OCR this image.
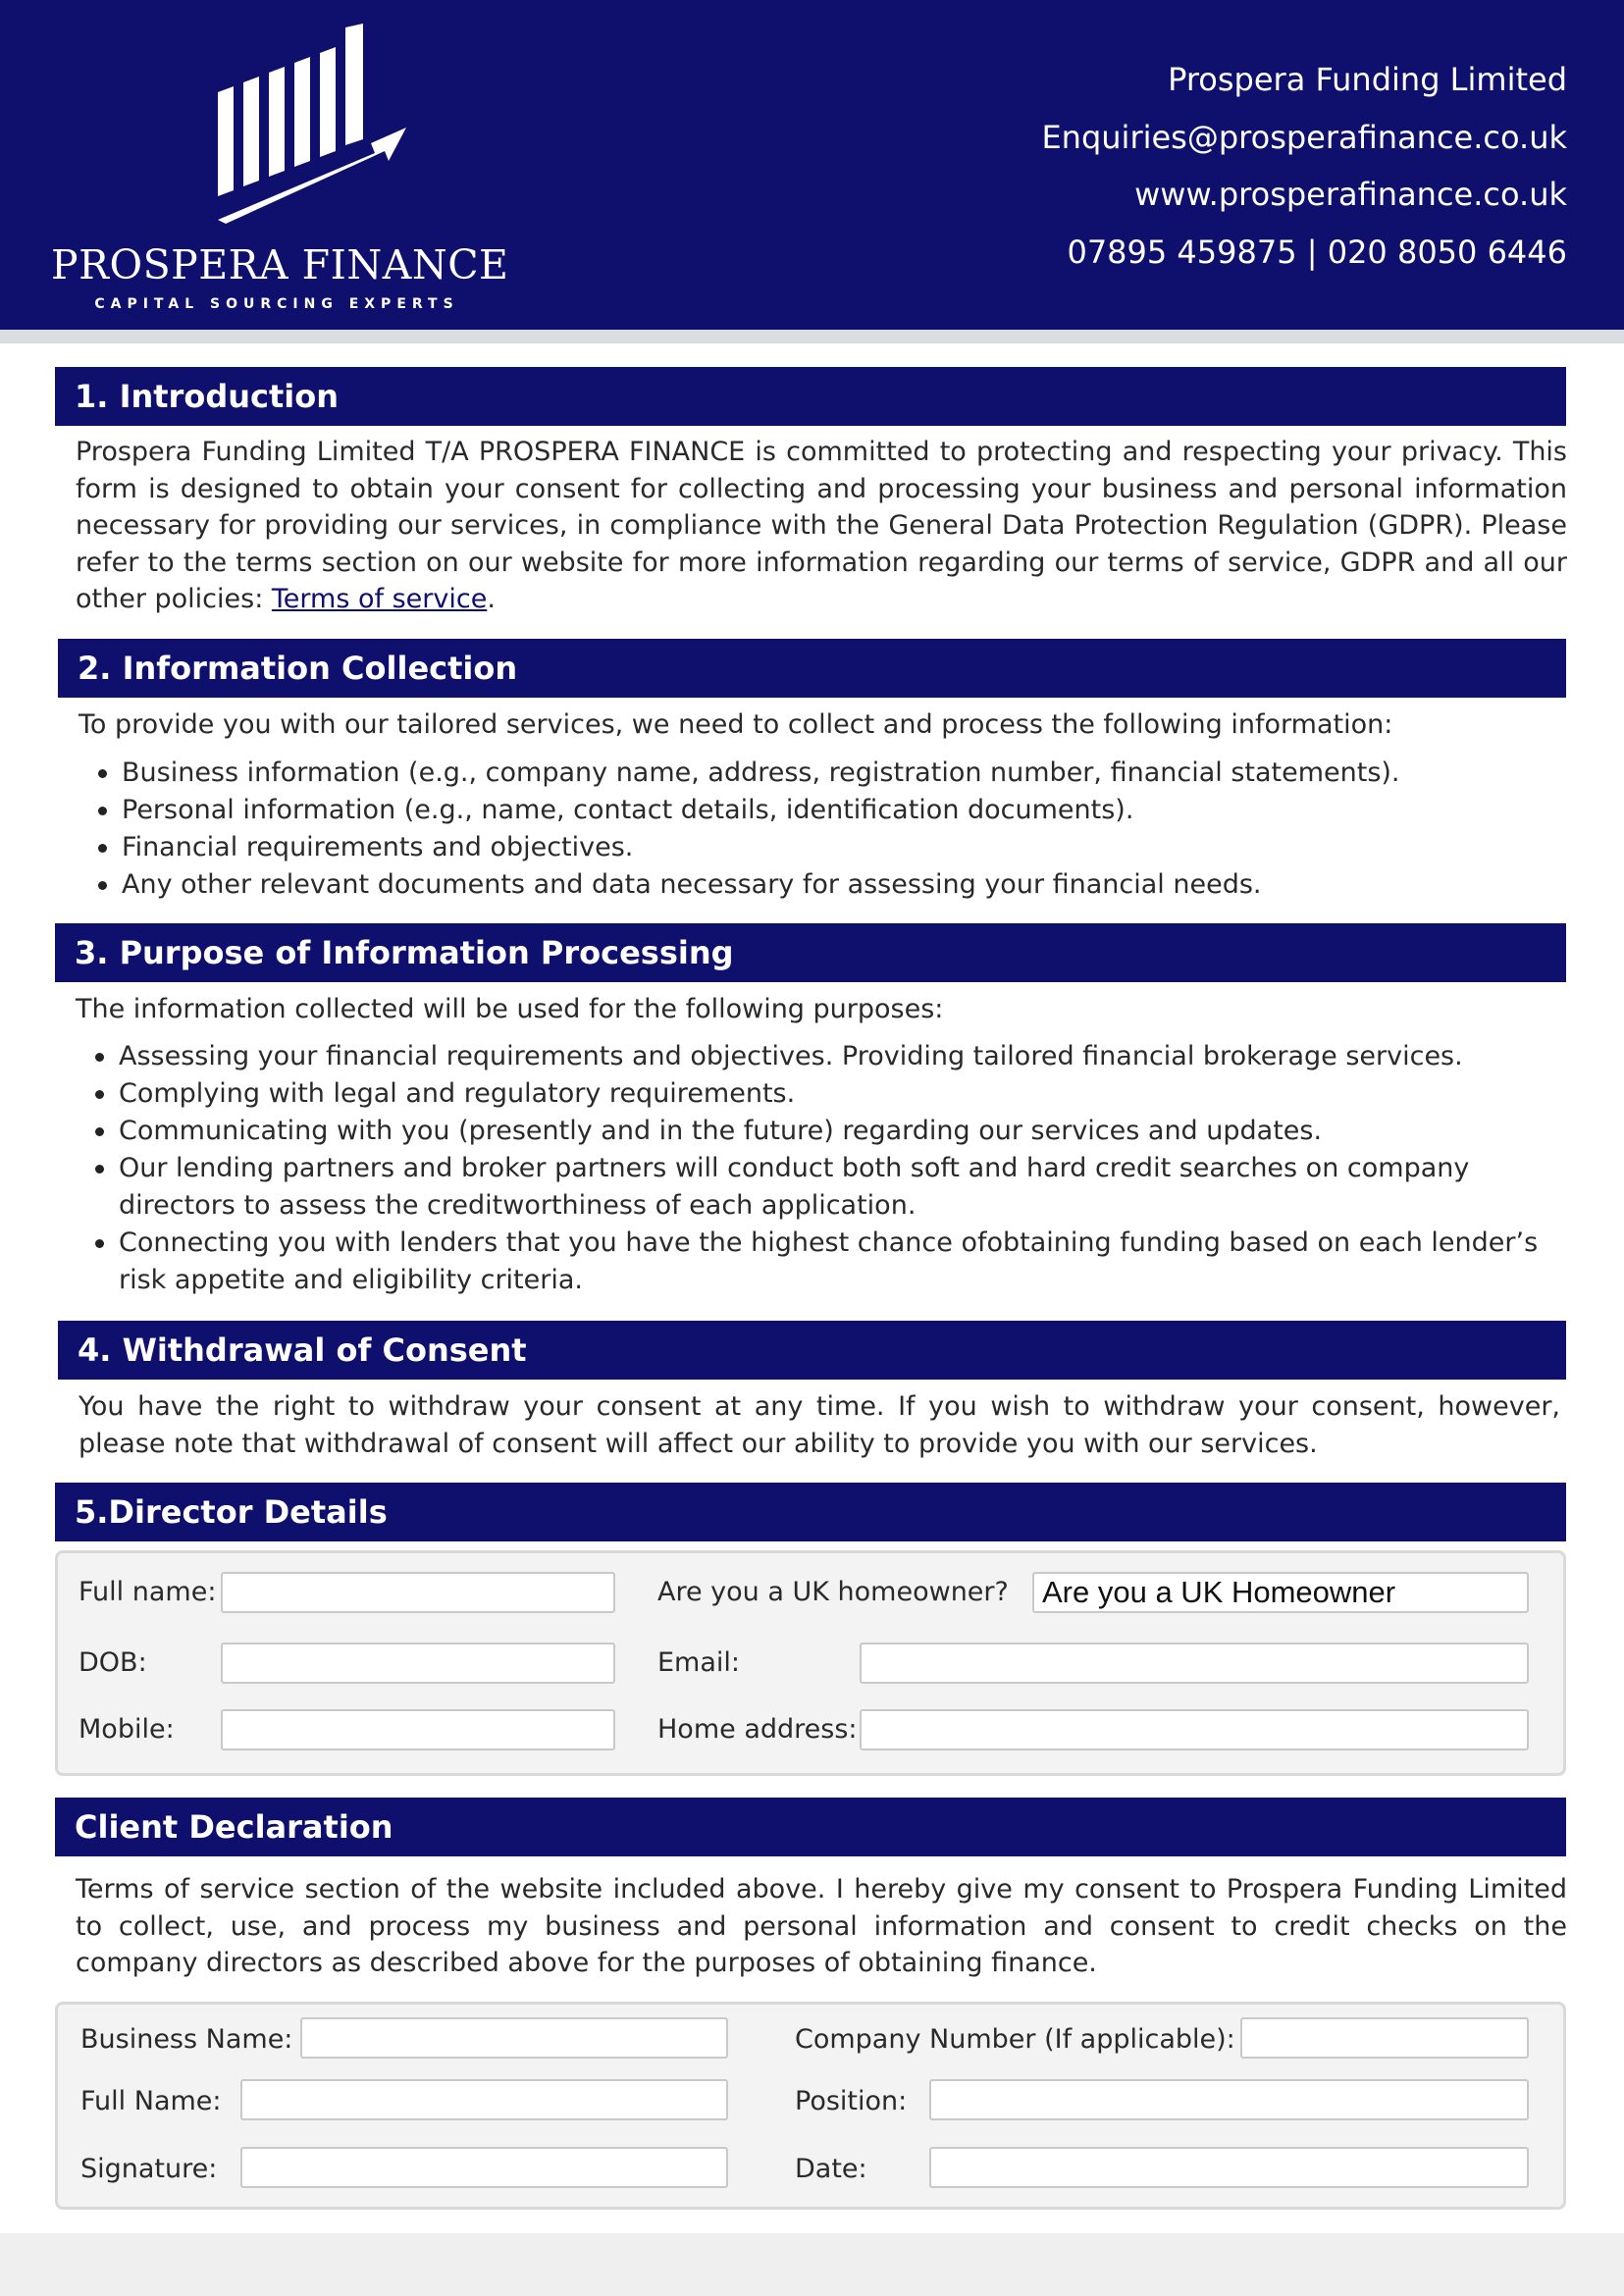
PROSPERA FINANCE
CAPITAL SOURCING EXPERTS
Prospera Funding Limited
Enquiries@prosperafinance.co.uk
www.prosperafinance.co.uk
07895 459875 | 020 8050 6446
1. Introduction
Prospera Funding Limited T/A PROSPERA FINANCE is committed to protecting and respecting your privacy. This form is designed to obtain your consent for collecting and processing your business and personal information necessary for providing our services, in compliance with the General Data Protection Regulation (GDPR). Please refer to the terms section on our website for more information regarding our terms of service, GDPR and all our other policies: Terms of service.
2. Information Collection
To provide you with our tailored services, we need to collect and process the following information:
Business information (e.g., company name, address, registration number, financial statements).
Personal information (e.g., name, contact details, identification documents).
Financial requirements and objectives.
Any other relevant documents and data necessary for assessing your financial needs.
3. Purpose of Information Processing
The information collected will be used for the following purposes:
Assessing your financial requirements and objectives. Providing tailored financial brokerage services.
Complying with legal and regulatory requirements.
Communicating with you (presently and in the future) regarding our services and updates.
Our lending partners and broker partners will conduct both soft and hard credit searches on company directors to assess the creditworthiness of each application.
Connecting you with lenders that you have the highest chance ofobtaining funding based on each lender’s risk appetite and eligibility criteria.
4. Withdrawal of Consent
You have the right to withdraw your consent at any time. If you wish to withdraw your consent, however, please note that withdrawal of consent will affect our ability to provide you with our services.
5.Director Details
Full name:	Are you a UK homeowner?	Are you a UK Homeowner
DOB:	Email:
Mobile:	Home address:
Client Declaration
Terms of service section of the website included above. I hereby give my consent to Prospera Funding Limited to collect, use, and process my business and personal information and consent to credit checks on the company directors as described above for the purposes of obtaining finance.
Business Name:	Company Number (If applicable):
Full Name:	Position:
Signature:	Date:
